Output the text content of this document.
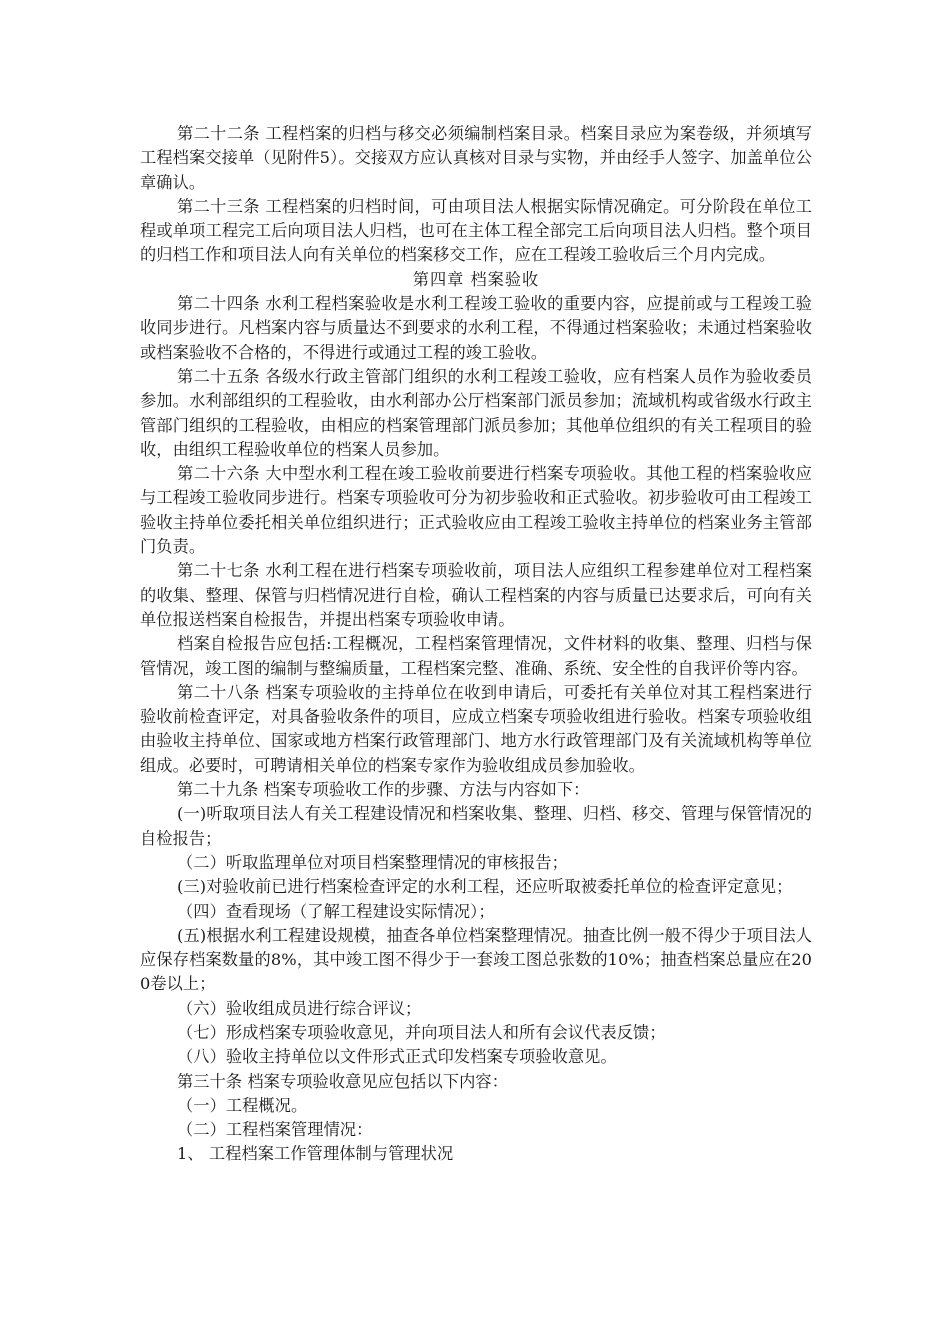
第二十二条 工程档案的归档与移交必须编制档案目录。档案目录应为案卷级，并须填写工程档案交接单（见附件5）。交接双方应认真核对目录与实物，并由经手人签字、加盖单位公章确认。

第二十三条 工程档案的归档时间，可由项目法人根据实际情况确定。可分阶段在单位工程或单项工程完工后向项目法人归档，也可在主体工程全部完工后向项目法人归档。整个项目的归档工作和项目法人向有关单位的档案移交工作，应在工程竣工验收后三个月内完成。

第四章 档案验收

第二十四条 水利工程档案验收是水利工程竣工验收的重要内容，应提前或与工程竣工验收同步进行。凡档案内容与质量达不到要求的水利工程，不得通过档案验收；未通过档案验收或档案验收不合格的，不得进行或通过工程的竣工验收。

第二十五条 各级水行政主管部门组织的水利工程竣工验收，应有档案人员作为验收委员参加。水利部组织的工程验收，由水利部办公厅档案部门派员参加；流域机构或省级水行政主管部门组织的工程验收，由相应的档案管理部门派员参加；其他单位组织的有关工程项目的验收，由组织工程验收单位的档案人员参加。

第二十六条 大中型水利工程在竣工验收前要进行档案专项验收。其他工程的档案验收应与工程竣工验收同步进行。档案专项验收可分为初步验收和正式验收。初步验收可由工程竣工验收主持单位委托相关单位组织进行；正式验收应由工程竣工验收主持单位的档案业务主管部门负责。

第二十七条 水利工程在进行档案专项验收前，项目法人应组织工程参建单位对工程档案的收集、整理、保管与归档情况进行自检，确认工程档案的内容与质量已达要求后，可向有关单位报送档案自检报告，并提出档案专项验收申请。

档案自检报告应包括:工程概况，工程档案管理情况，文件材料的收集、整理、归档与保管情况，竣工图的编制与整编质量，工程档案完整、准确、系统、安全性的自我评价等内容。

第二十八条 档案专项验收的主持单位在收到申请后，可委托有关单位对其工程档案进行验收前检查评定，对具备验收条件的项目，应成立档案专项验收组进行验收。档案专项验收组由验收主持单位、国家或地方档案行政管理部门、地方水行政管理部门及有关流域机构等单位组成。必要时，可聘请相关单位的档案专家作为验收组成员参加验收。

第二十九条 档案专项验收工作的步骤、方法与内容如下：

(一)听取项目法人有关工程建设情况和档案收集、整理、归档、移交、管理与保管情况的自检报告；

（二）听取监理单位对项目档案整理情况的审核报告；

(三)对验收前已进行档案检查评定的水利工程，还应听取被委托单位的检查评定意见；

（四）查看现场（了解工程建设实际情况）；

(五)根据水利工程建设规模，抽查各单位档案整理情况。抽查比例一般不得少于项目法人应保存档案数量的8%，其中竣工图不得少于一套竣工图总张数的10%；抽查档案总量应在200卷以上；

（六）验收组成员进行综合评议；

（七）形成档案专项验收意见，并向项目法人和所有会议代表反馈；

（八）验收主持单位以文件形式正式印发档案专项验收意见。

第三十条 档案专项验收意见应包括以下内容：

（一）工程概况。

（二）工程档案管理情况：

1、 工程档案工作管理体制与管理状况
